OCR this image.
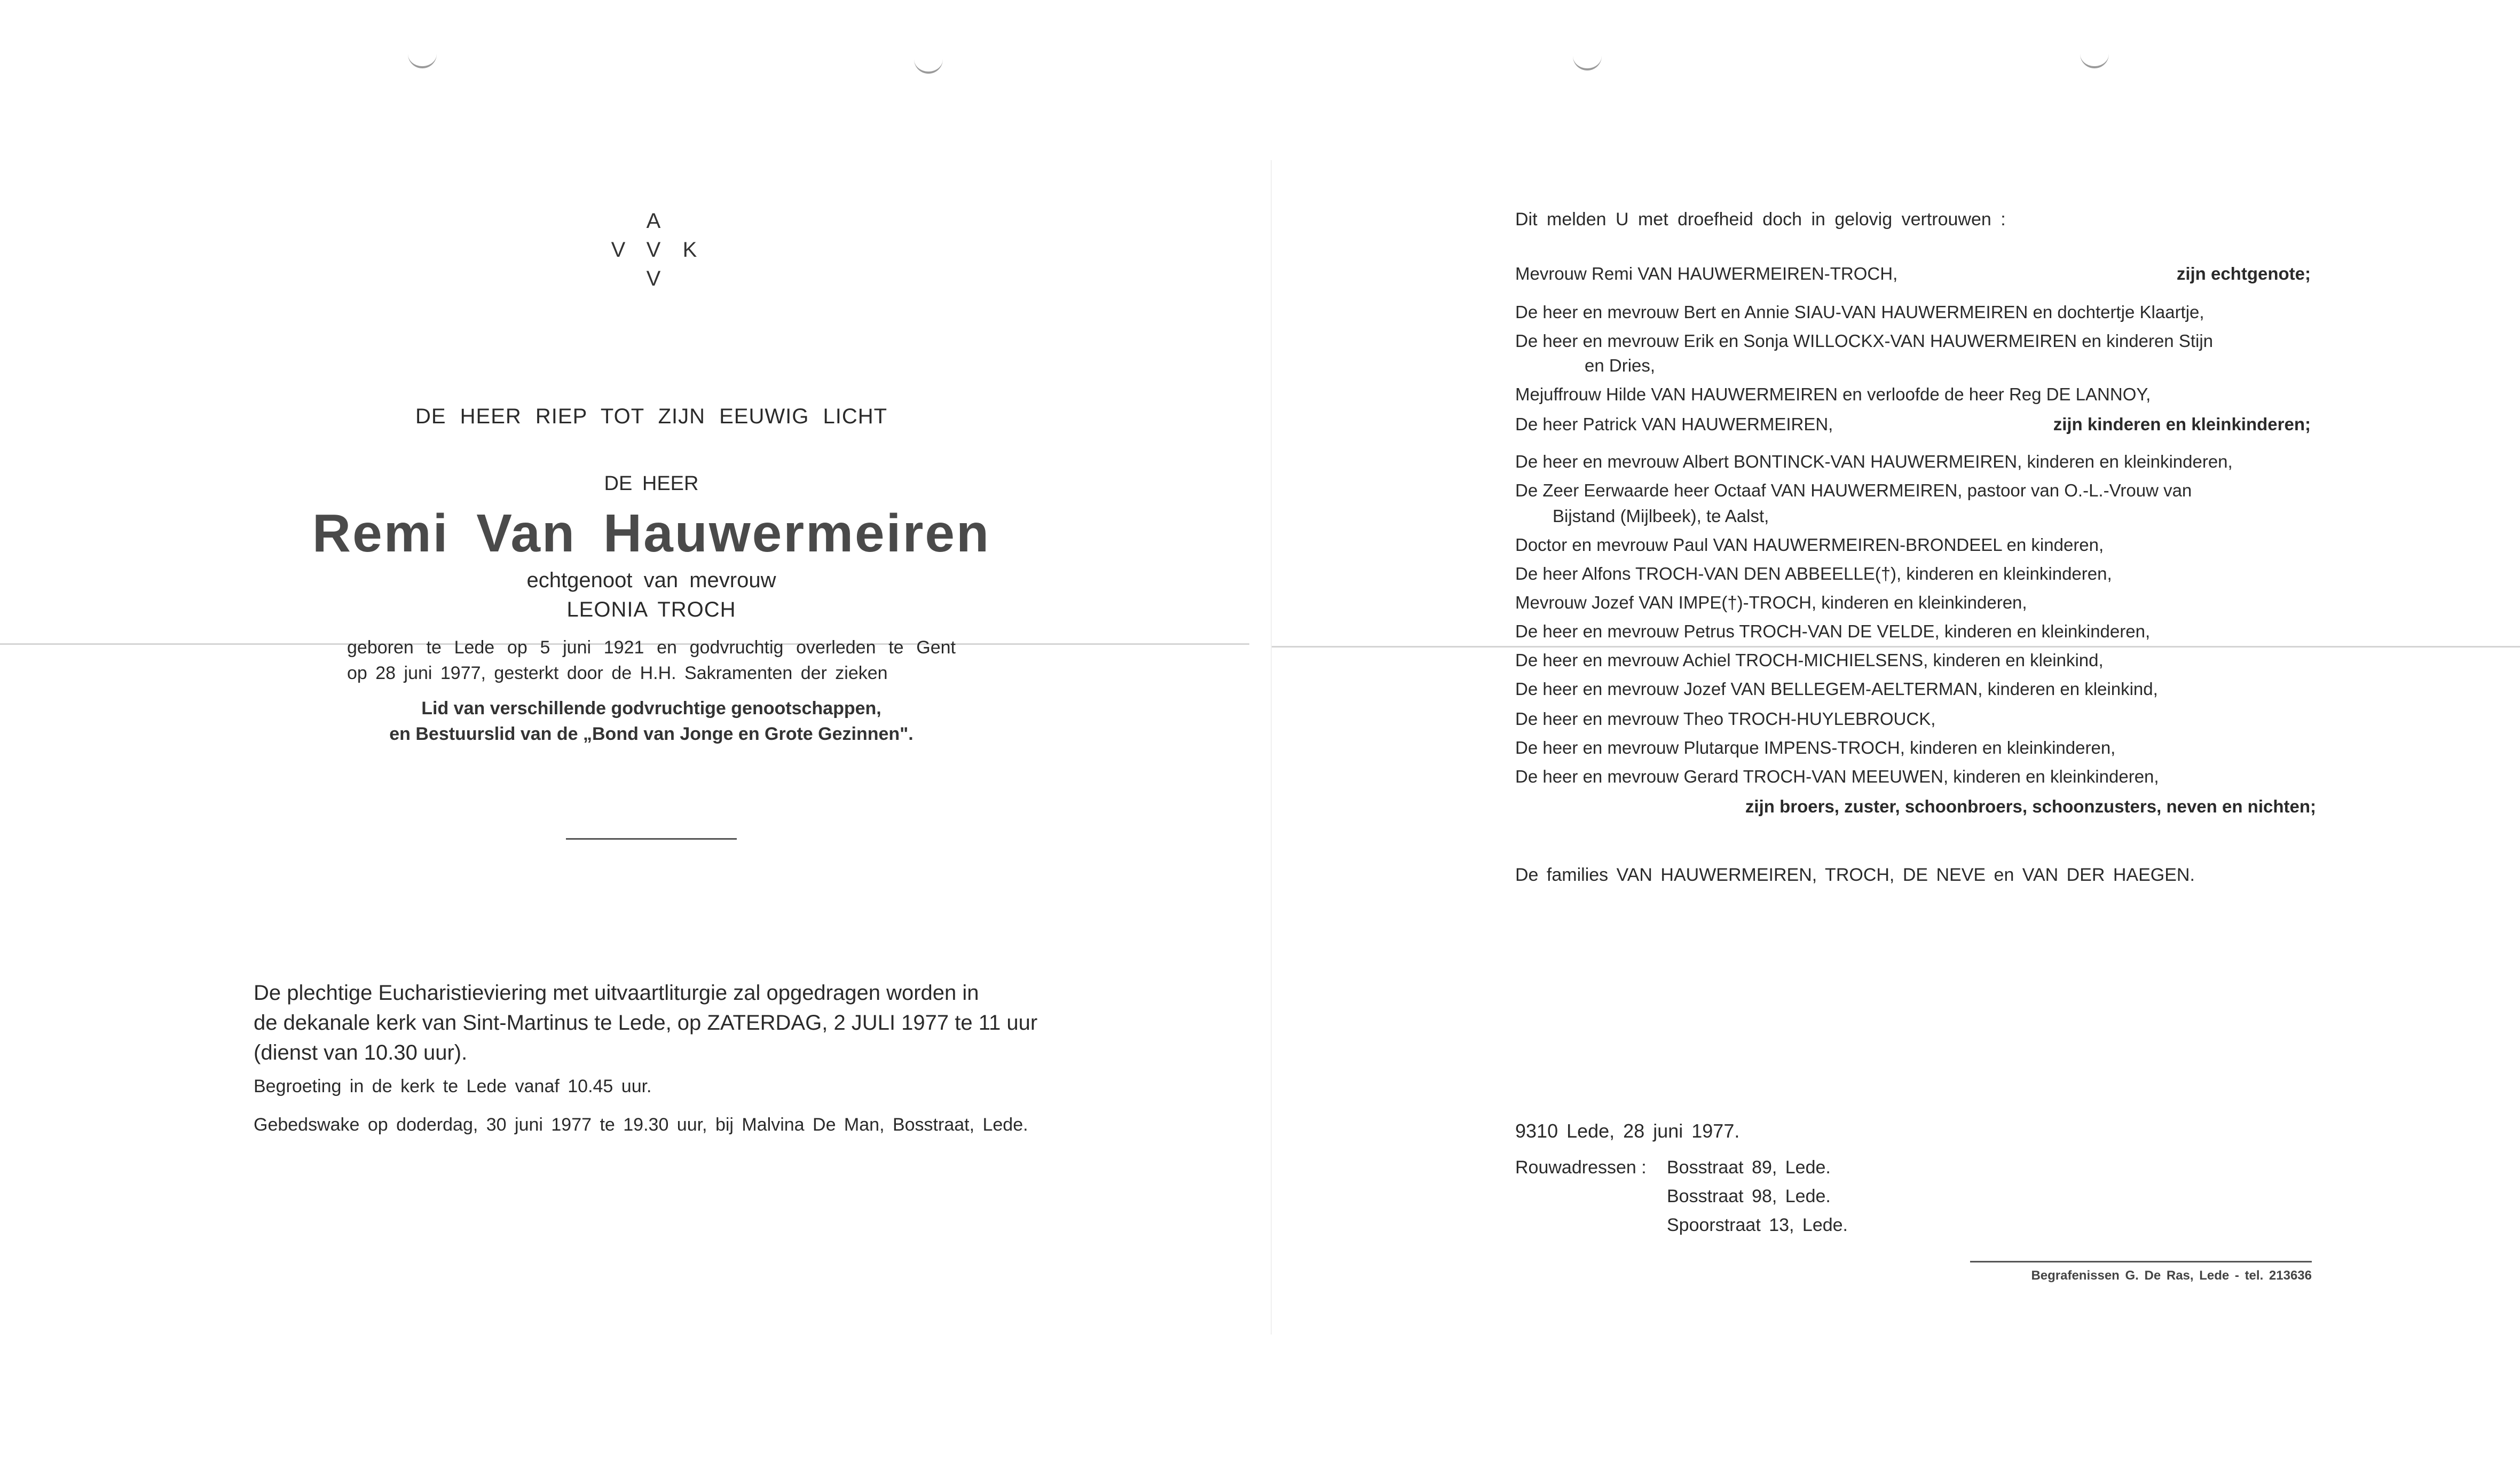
A
V V	K
V
DE HEER RIEP TOT ZIJN EEUWIG LICHT
DE HEER
Remi Van Hauwermeiren
echtgenoot van mevrouw
LEONIA TROCH
geboren te Lede op 5 juni 1921 en godvruchtig overleden te Gent
op 28 juni 1977, gesterkt door de H.H. Sakramenten der zieken
Lid van verschillende godvruchtige genootschappen,
en Bestuurslid van de „Bond van Jonge en Grote Gezinnen".
De plechtige Eucharistieviering met uitvaartliturgie zal opgedragen worden in
de dekanale kerk van Sint-Martinus te Lede, op ZATERDAG, 2 JULI 1977 te 11 uur
(dienst van 10.30 uur).
Begroeting in de kerk te Lede vanaf 10.45 uur.
Gebedswake op doderdag, 30 juni 1977 te 19.30 uur, bij Malvina De Man, Bosstraat, Lede.
Dit melden U met droefheid doch in gelovig vertrouwen :
Mevrouw Remi VAN HAUWERMEIREN-TROCH,	zijn echtgenote;
De heer en mevrouw Bert en Annie SIAU-VAN HAUWERMEIREN en dochtertje Klaartje,
De heer en mevrouw Erik en Sonja WILLOCKX-VAN HAUWERMEIREN en kinderen Stijn
en Dries,
Mejuffrouw Hilde VAN HAUWERMEIREN en verloofde de heer Reg DE LANNOY,
De heer Patrick VAN HAUWERMEIREN,	zijn kinderen en kleinkinderen;
De heer en mevrouw Albert BONTINCK-VAN HAUWERMEIREN, kinderen en kleinkinderen,
De Zeer Eerwaarde heer Octaaf VAN HAUWERMEIREN, pastoor van O.-L.-Vrouw van
Bijstand (Mijlbeek), te Aalst,
Doctor en mevrouw Paul VAN HAUWERMEIREN-BRONDEEL en kinderen,
De heer Alfons TROCH-VAN DEN ABBEELLE(†), kinderen en kleinkinderen,
Mevrouw Jozef VAN IMPE(†)-TROCH, kinderen en kleinkinderen,
De heer en mevrouw Petrus TROCH-VAN DE VELDE, kinderen en kleinkinderen,
De heer en mevrouw Achiel TROCH-MICHIELSENS, kinderen en kleinkind,
De heer en mevrouw Jozef VAN BELLEGEM-AELTERMAN, kinderen en kleinkind,
De heer en mevrouw Theo TROCH-HUYLEBROUCK,
De heer en mevrouw Plutarque IMPENS-TROCH, kinderen en kleinkinderen,
De heer en mevrouw Gerard TROCH-VAN MEEUWEN, kinderen en kleinkinderen,
zijn broers, zuster, schoonbroers, schoonzusters, neven en nichten;
De families VAN HAUWERMEIREN, TROCH, DE NEVE en VAN DER HAEGEN.
9310 Lede, 28 juni 1977.
Rouwadressen : Bosstraat 89, Lede.
Bosstraat 98, Lede.
Spoorstraat 13, Lede.
Begrafenissen G. De Ras, Lede - tel. 213636
